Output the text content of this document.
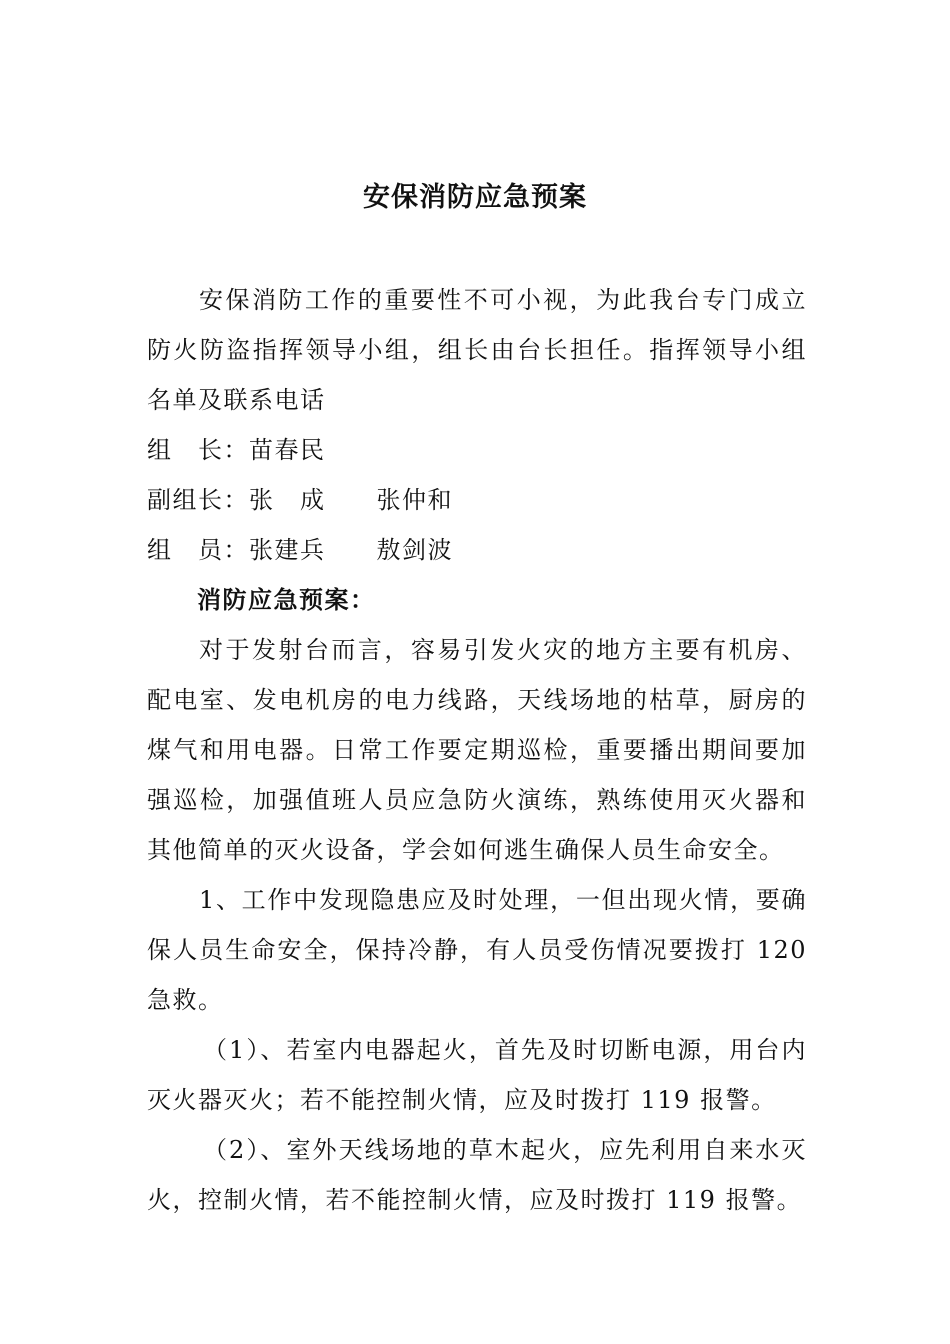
安保消防应急预案

安保消防工作的重要性不可小视，为此我台专门成立防火防盗指挥领导小组，组长由台长担任。指挥领导小组名单及联系电话

组　长：苗春民

副组长：张　成　　张仲和

组　员：张建兵　　敖剑波

消防应急预案：

对于发射台而言，容易引发火灾的地方主要有机房、配电室、发电机房的电力线路，天线场地的枯草，厨房的煤气和用电器。日常工作要定期巡检，重要播出期间要加强巡检，加强值班人员应急防火演练，熟练使用灭火器和其他简单的灭火设备，学会如何逃生确保人员生命安全。

1、工作中发现隐患应及时处理，一但出现火情，要确保人员生命安全，保持冷静，有人员受伤情况要拨打 120 急救。

（1）、若室内电器起火，首先及时切断电源，用台内灭火器灭火；若不能控制火情，应及时拨打 119 报警。

（2）、室外天线场地的草木起火，应先利用自来水灭火，控制火情，若不能控制火情，应及时拨打 119 报警。
